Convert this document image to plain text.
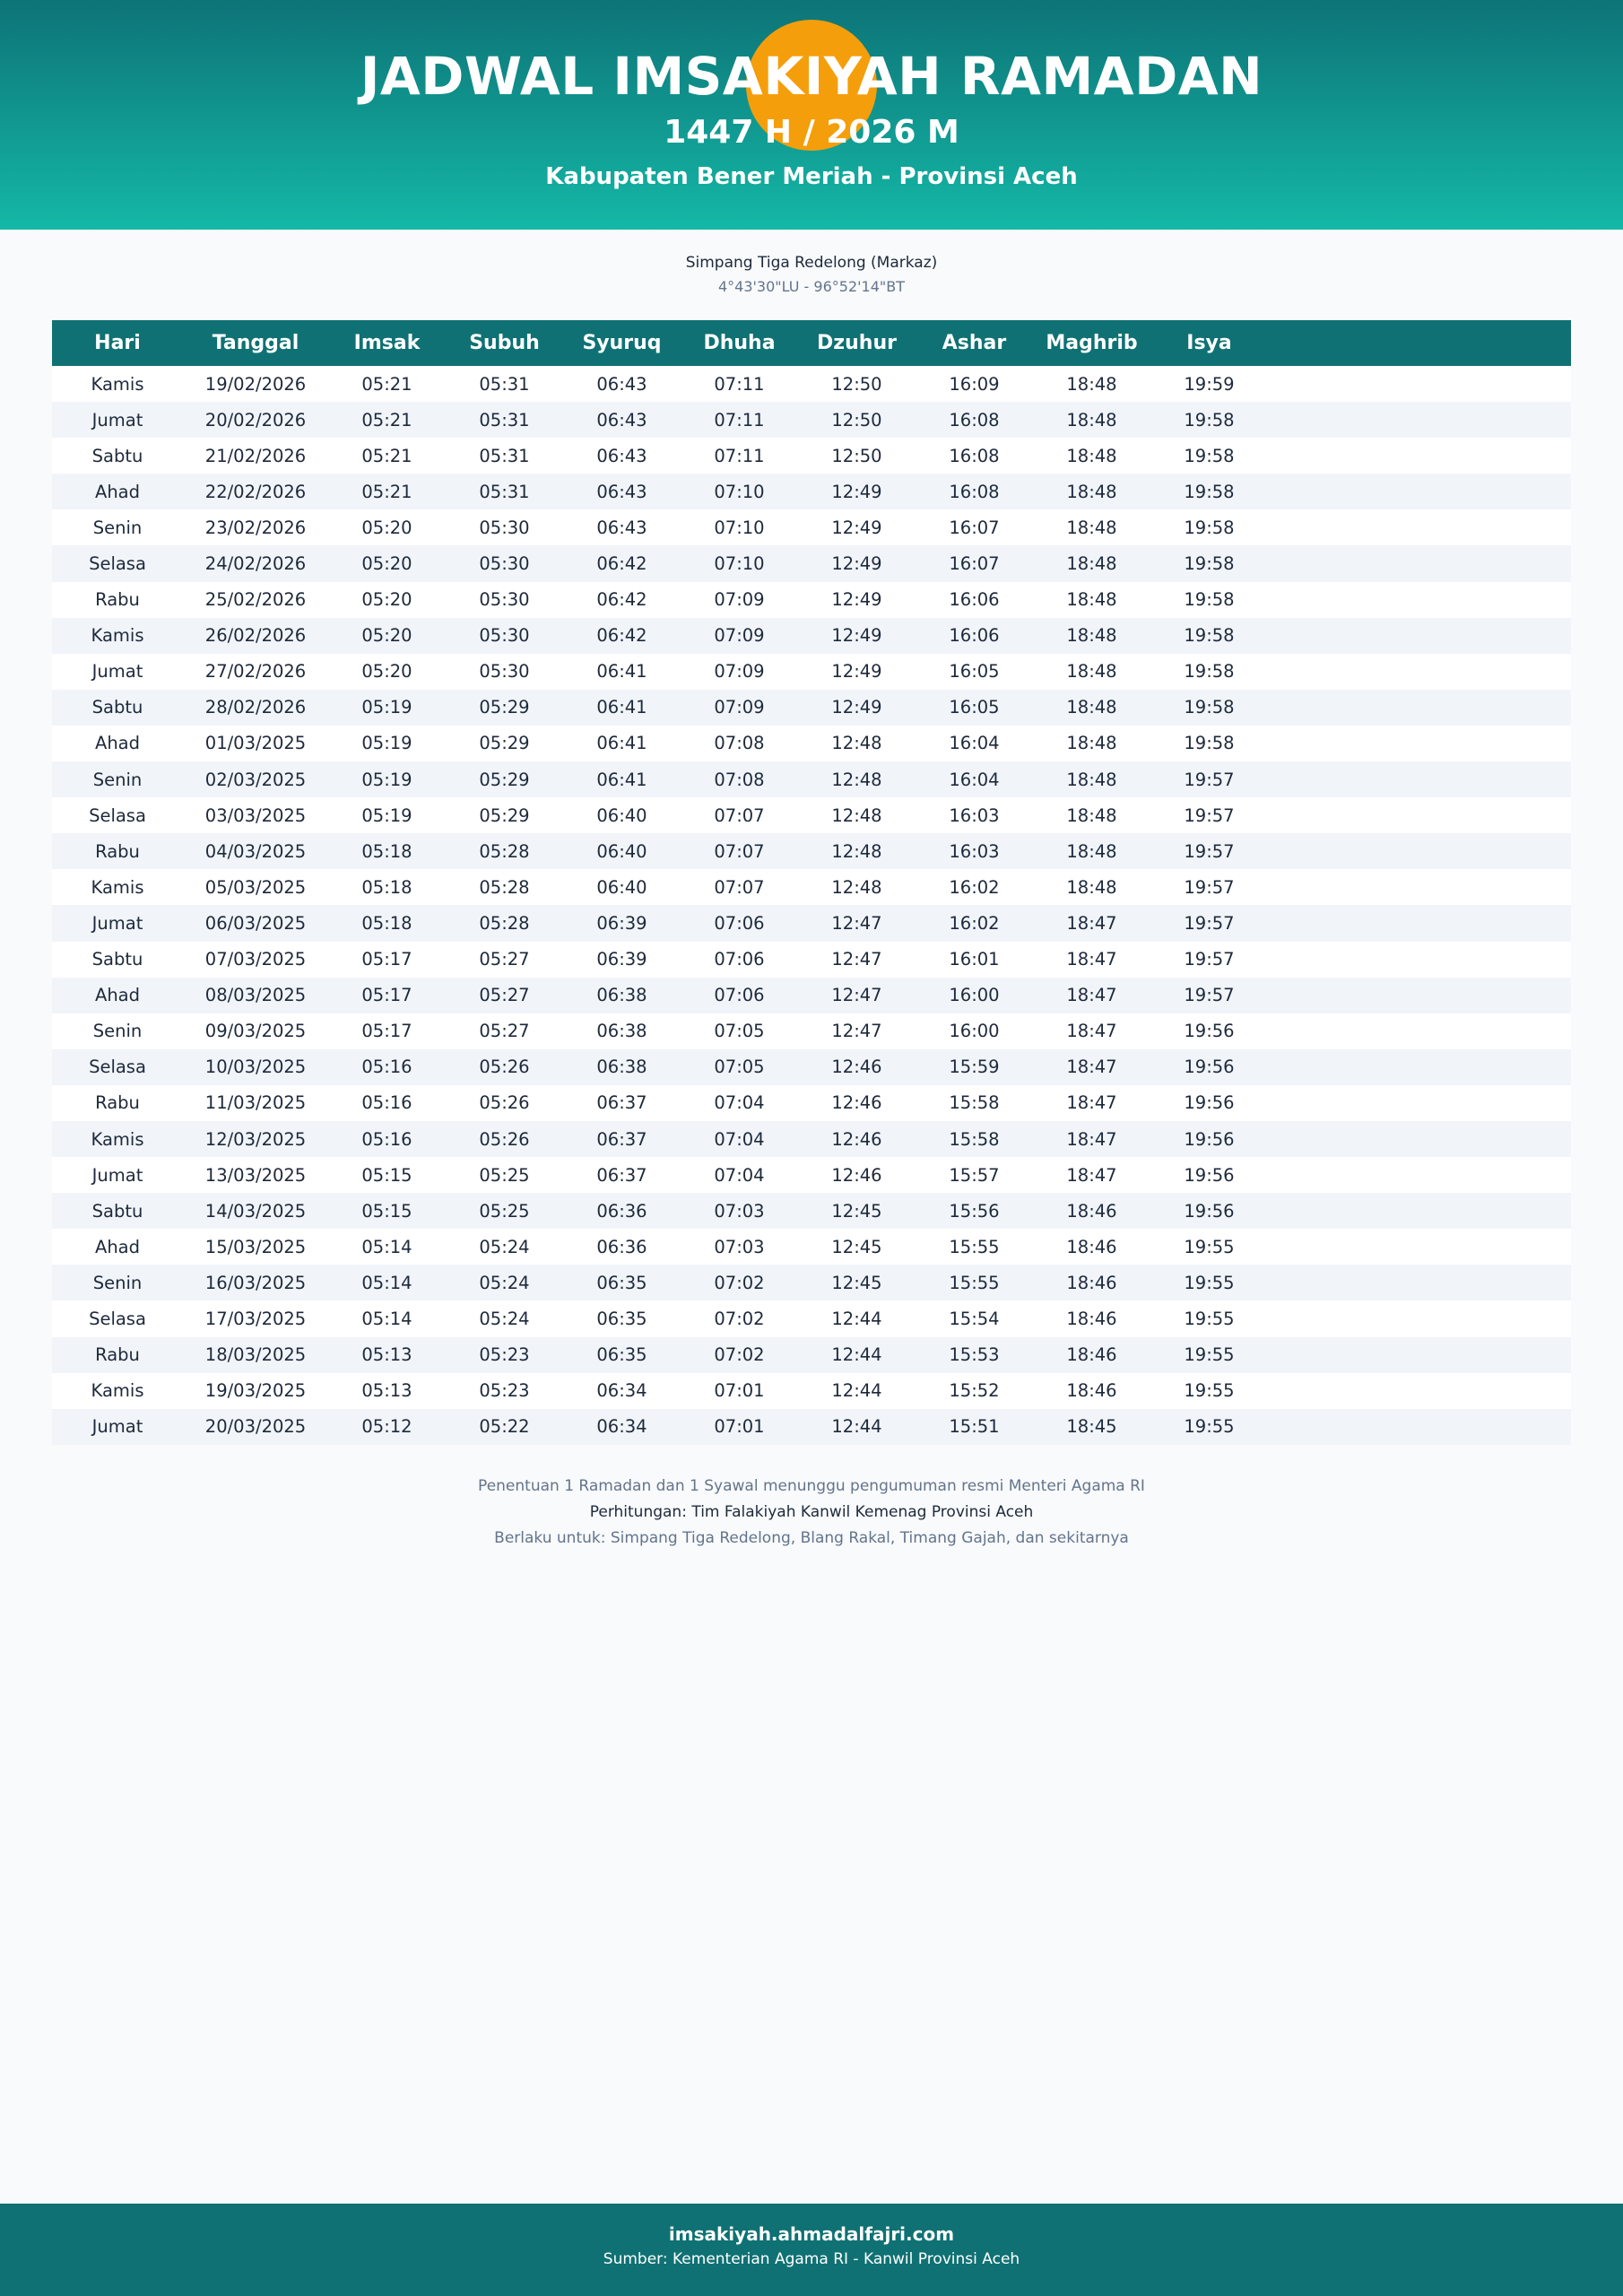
JADWAL IMSAKIYAH RAMADAN
1447 H / 2026 M
Kabupaten Bener Meriah - Provinsi Aceh
Simpang Tiga Redelong (Markaz)
4°43'30"LU - 96°52'14"BT
Hari	Tanggal	Imsak	Subuh	Syuruq	Dhuha	Dzuhur	Ashar	Maghrib	Isya	
Kamis	19/02/2026	05:21	05:31	06:43	07:11	12:50	16:09	18:48	19:59	
Jumat	20/02/2026	05:21	05:31	06:43	07:11	12:50	16:08	18:48	19:58	
Sabtu	21/02/2026	05:21	05:31	06:43	07:11	12:50	16:08	18:48	19:58	
Ahad	22/02/2026	05:21	05:31	06:43	07:10	12:49	16:08	18:48	19:58	
Senin	23/02/2026	05:20	05:30	06:43	07:10	12:49	16:07	18:48	19:58	
Selasa	24/02/2026	05:20	05:30	06:42	07:10	12:49	16:07	18:48	19:58	
Rabu	25/02/2026	05:20	05:30	06:42	07:09	12:49	16:06	18:48	19:58	
Kamis	26/02/2026	05:20	05:30	06:42	07:09	12:49	16:06	18:48	19:58	
Jumat	27/02/2026	05:20	05:30	06:41	07:09	12:49	16:05	18:48	19:58	
Sabtu	28/02/2026	05:19	05:29	06:41	07:09	12:49	16:05	18:48	19:58	
Ahad	01/03/2025	05:19	05:29	06:41	07:08	12:48	16:04	18:48	19:58	
Senin	02/03/2025	05:19	05:29	06:41	07:08	12:48	16:04	18:48	19:57	
Selasa	03/03/2025	05:19	05:29	06:40	07:07	12:48	16:03	18:48	19:57	
Rabu	04/03/2025	05:18	05:28	06:40	07:07	12:48	16:03	18:48	19:57	
Kamis	05/03/2025	05:18	05:28	06:40	07:07	12:48	16:02	18:48	19:57	
Jumat	06/03/2025	05:18	05:28	06:39	07:06	12:47	16:02	18:47	19:57	
Sabtu	07/03/2025	05:17	05:27	06:39	07:06	12:47	16:01	18:47	19:57	
Ahad	08/03/2025	05:17	05:27	06:38	07:06	12:47	16:00	18:47	19:57	
Senin	09/03/2025	05:17	05:27	06:38	07:05	12:47	16:00	18:47	19:56	
Selasa	10/03/2025	05:16	05:26	06:38	07:05	12:46	15:59	18:47	19:56	
Rabu	11/03/2025	05:16	05:26	06:37	07:04	12:46	15:58	18:47	19:56	
Kamis	12/03/2025	05:16	05:26	06:37	07:04	12:46	15:58	18:47	19:56	
Jumat	13/03/2025	05:15	05:25	06:37	07:04	12:46	15:57	18:47	19:56	
Sabtu	14/03/2025	05:15	05:25	06:36	07:03	12:45	15:56	18:46	19:56	
Ahad	15/03/2025	05:14	05:24	06:36	07:03	12:45	15:55	18:46	19:55	
Senin	16/03/2025	05:14	05:24	06:35	07:02	12:45	15:55	18:46	19:55	
Selasa	17/03/2025	05:14	05:24	06:35	07:02	12:44	15:54	18:46	19:55	
Rabu	18/03/2025	05:13	05:23	06:35	07:02	12:44	15:53	18:46	19:55	
Kamis	19/03/2025	05:13	05:23	06:34	07:01	12:44	15:52	18:46	19:55	
Jumat	20/03/2025	05:12	05:22	06:34	07:01	12:44	15:51	18:45	19:55	
Penentuan 1 Ramadan dan 1 Syawal menunggu pengumuman resmi Menteri Agama RI
Perhitungan: Tim Falakiyah Kanwil Kemenag Provinsi Aceh
Berlaku untuk: Simpang Tiga Redelong, Blang Rakal, Timang Gajah, dan sekitarnya
imsakiyah.ahmadalfajri.com
Sumber: Kementerian Agama RI - Kanwil Provinsi Aceh
